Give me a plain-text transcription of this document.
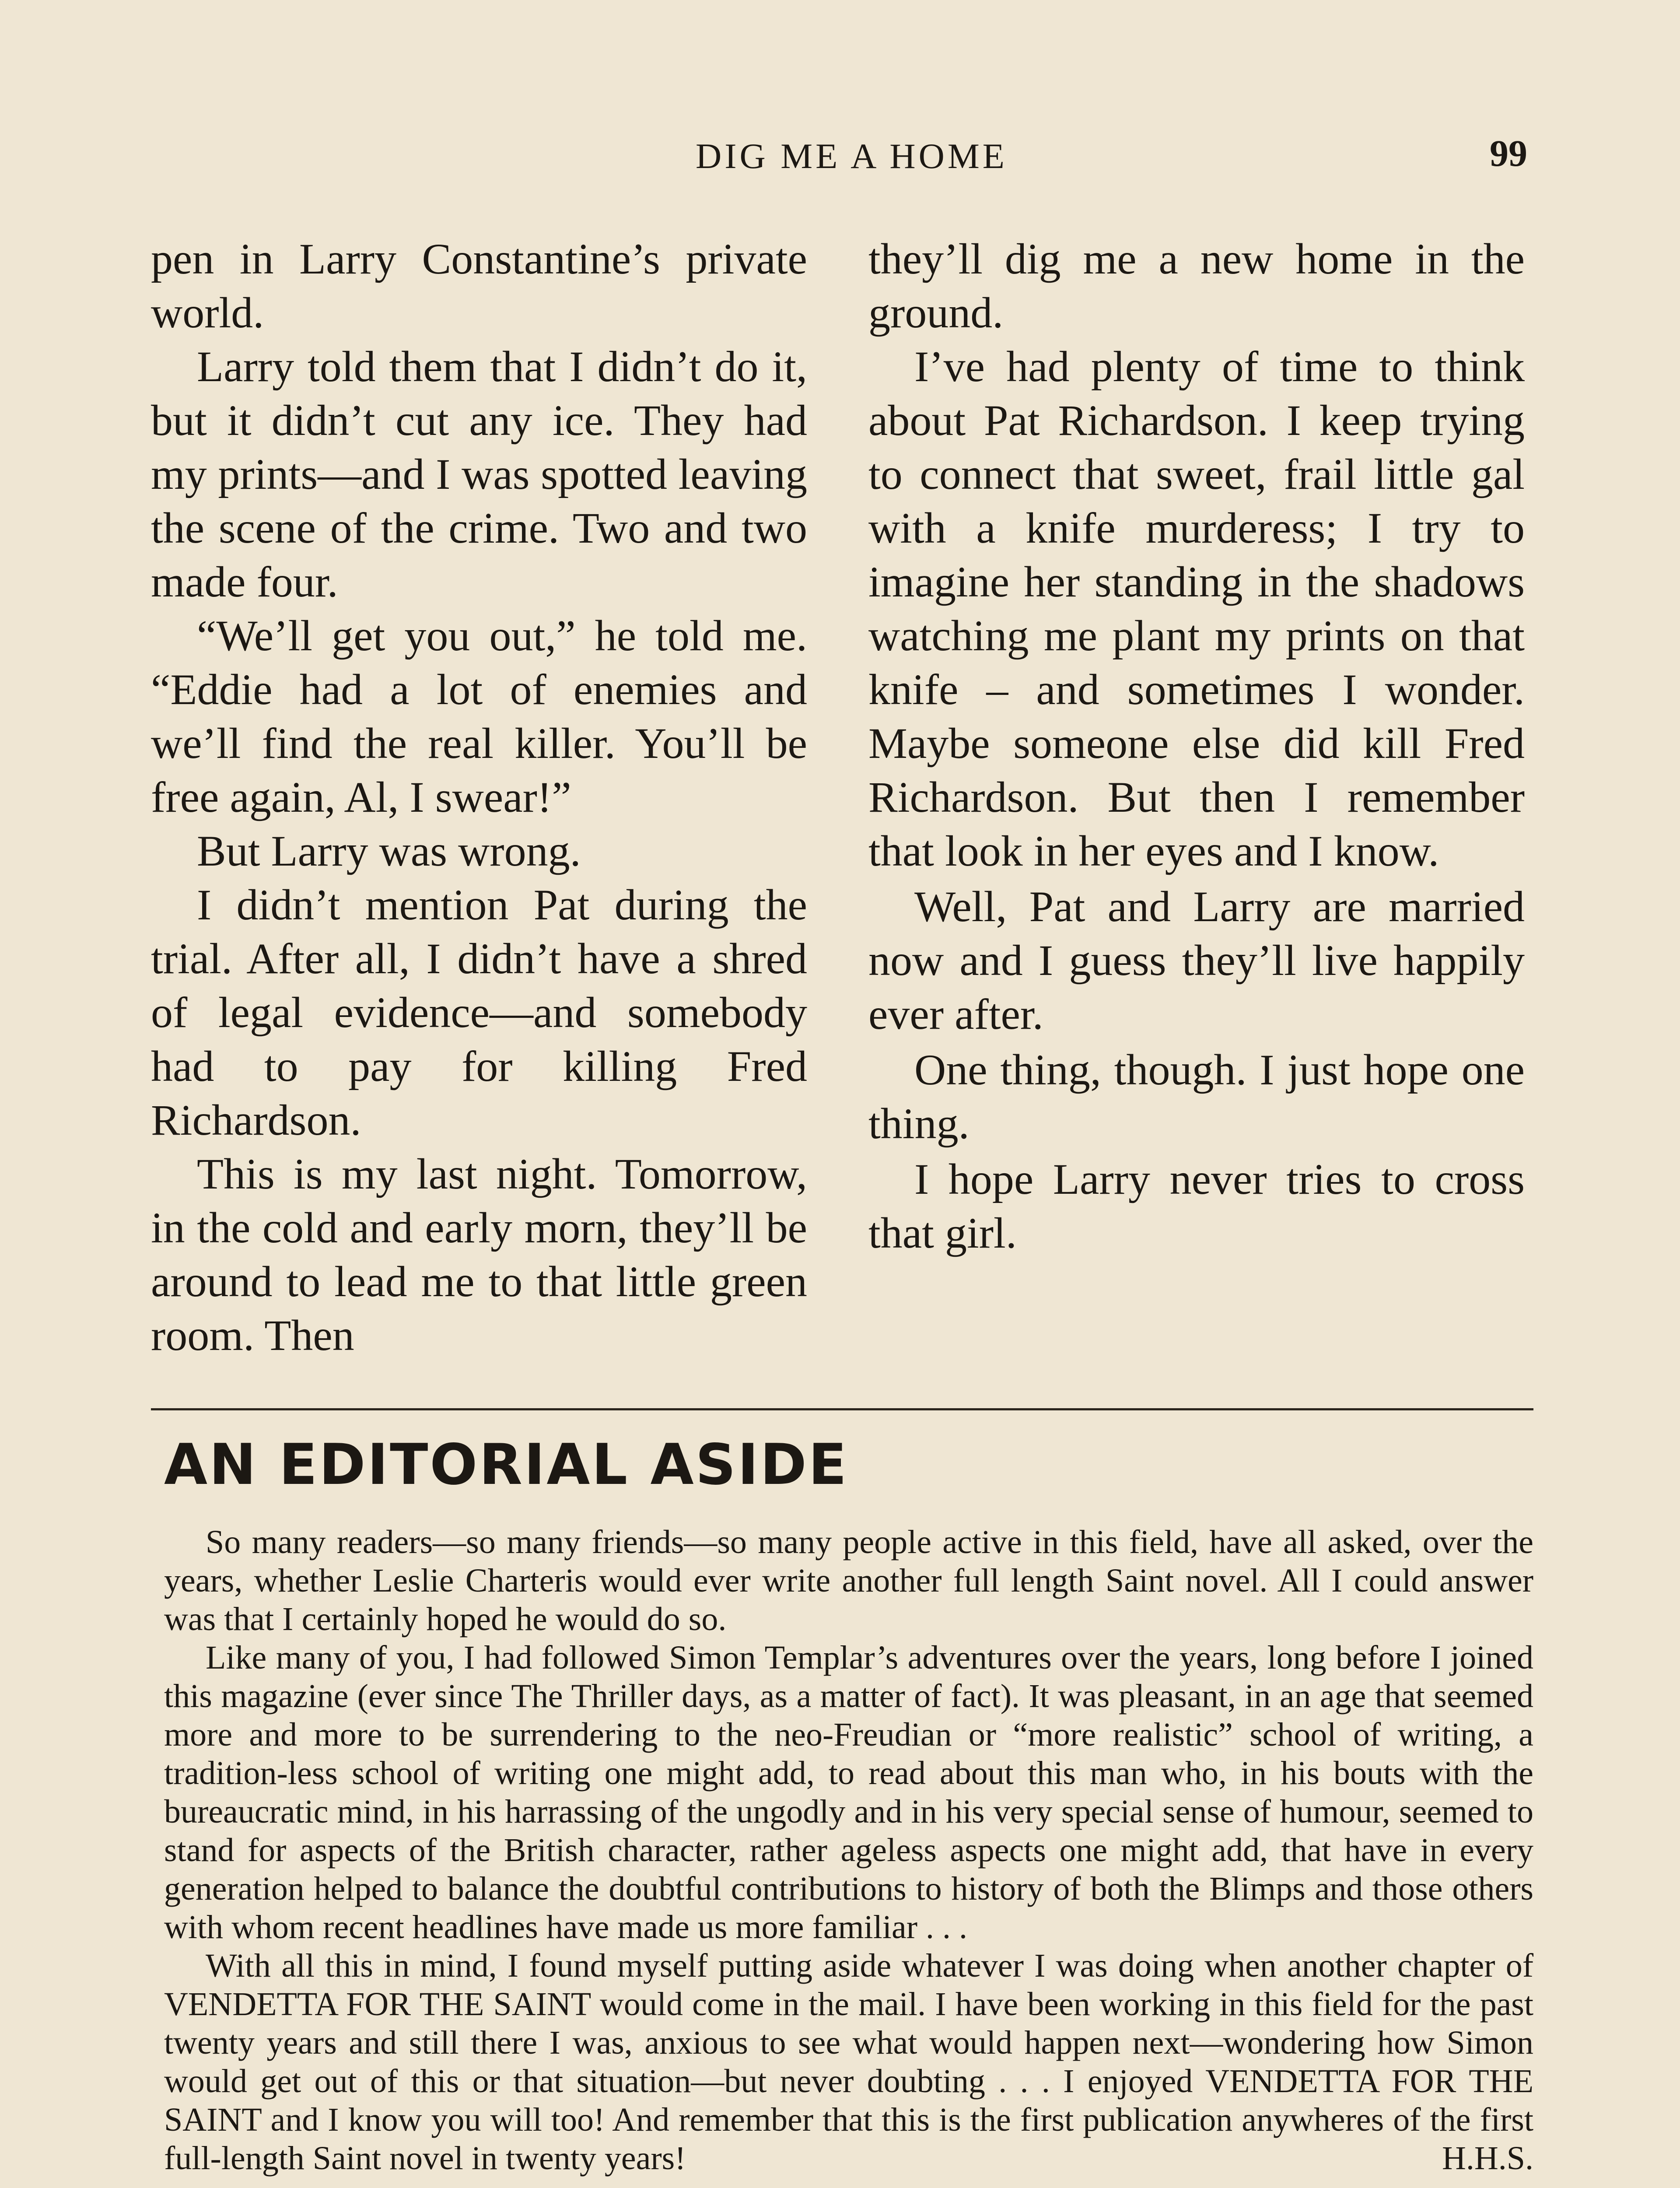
DIG ME A HOME	99

pen in Larry Constantine’s private world.

Larry told them that I didn’t do it, but it didn’t cut any ice. They had my prints—and I was spotted leaving the scene of the crime. Two and two made four.

“We’ll get you out,” he told me. “Eddie had a lot of enemies and we’ll find the real killer. You’ll be free again, Al, I swear!”

But Larry was wrong.

I didn’t mention Pat during the trial. After all, I didn’t have a shred of legal evidence—and somebody had to pay for killing Fred Richardson.

This is my last night. Tomorrow, in the cold and early morn, they’ll be around to lead me to that little green room. Then

they’ll dig me a new home in the ground.

I’ve had plenty of time to think about Pat Richardson. I keep trying to connect that sweet, frail little gal with a knife murderess; I try to imagine her standing in the shadows watching me plant my prints on that knife – and sometimes I wonder. Maybe someone else did kill Fred Richardson. But then I remember that look in her eyes and I know.

Well, Pat and Larry are married now and I guess they’ll live happily ever after.

One thing, though. I just hope one thing.

I hope Larry never tries to cross that girl.

AN EDITORIAL ASIDE

So many readers—so many friends—so many people active in this field, have all asked, over the years, whether Leslie Charteris would ever write another full length Saint novel. All I could answer was that I certainly hoped he would do so.

Like many of you, I had followed Simon Templar’s adventures over the years, long before I joined this magazine (ever since The Thriller days, as a matter of fact). It was pleasant, in an age that seemed more and more to be surrendering to the neo-Freudian or “more realistic” school of writing, a tradition-less school of writing one might add, to read about this man who, in his bouts with the bureaucratic mind, in his harrassing of the ungodly and in his very special sense of humour, seemed to stand for aspects of the British character, rather ageless aspects one might add, that have in every generation helped to balance the doubtful contributions to history of both the Blimps and those others with whom recent headlines have made us more familiar . . .

With all this in mind, I found myself putting aside whatever I was doing when another chapter of VENDETTA FOR THE SAINT would come in the mail. I have been working in this field for the past twenty years and still there I was, anxious to see what would happen next—wondering how Simon would get out of this or that situation—but never doubting . . . I enjoyed VENDETTA FOR THE SAINT and I know you will too! And remember that this is the first publication anywheres of the first full-length Saint novel in twenty years!	H.H.S.
